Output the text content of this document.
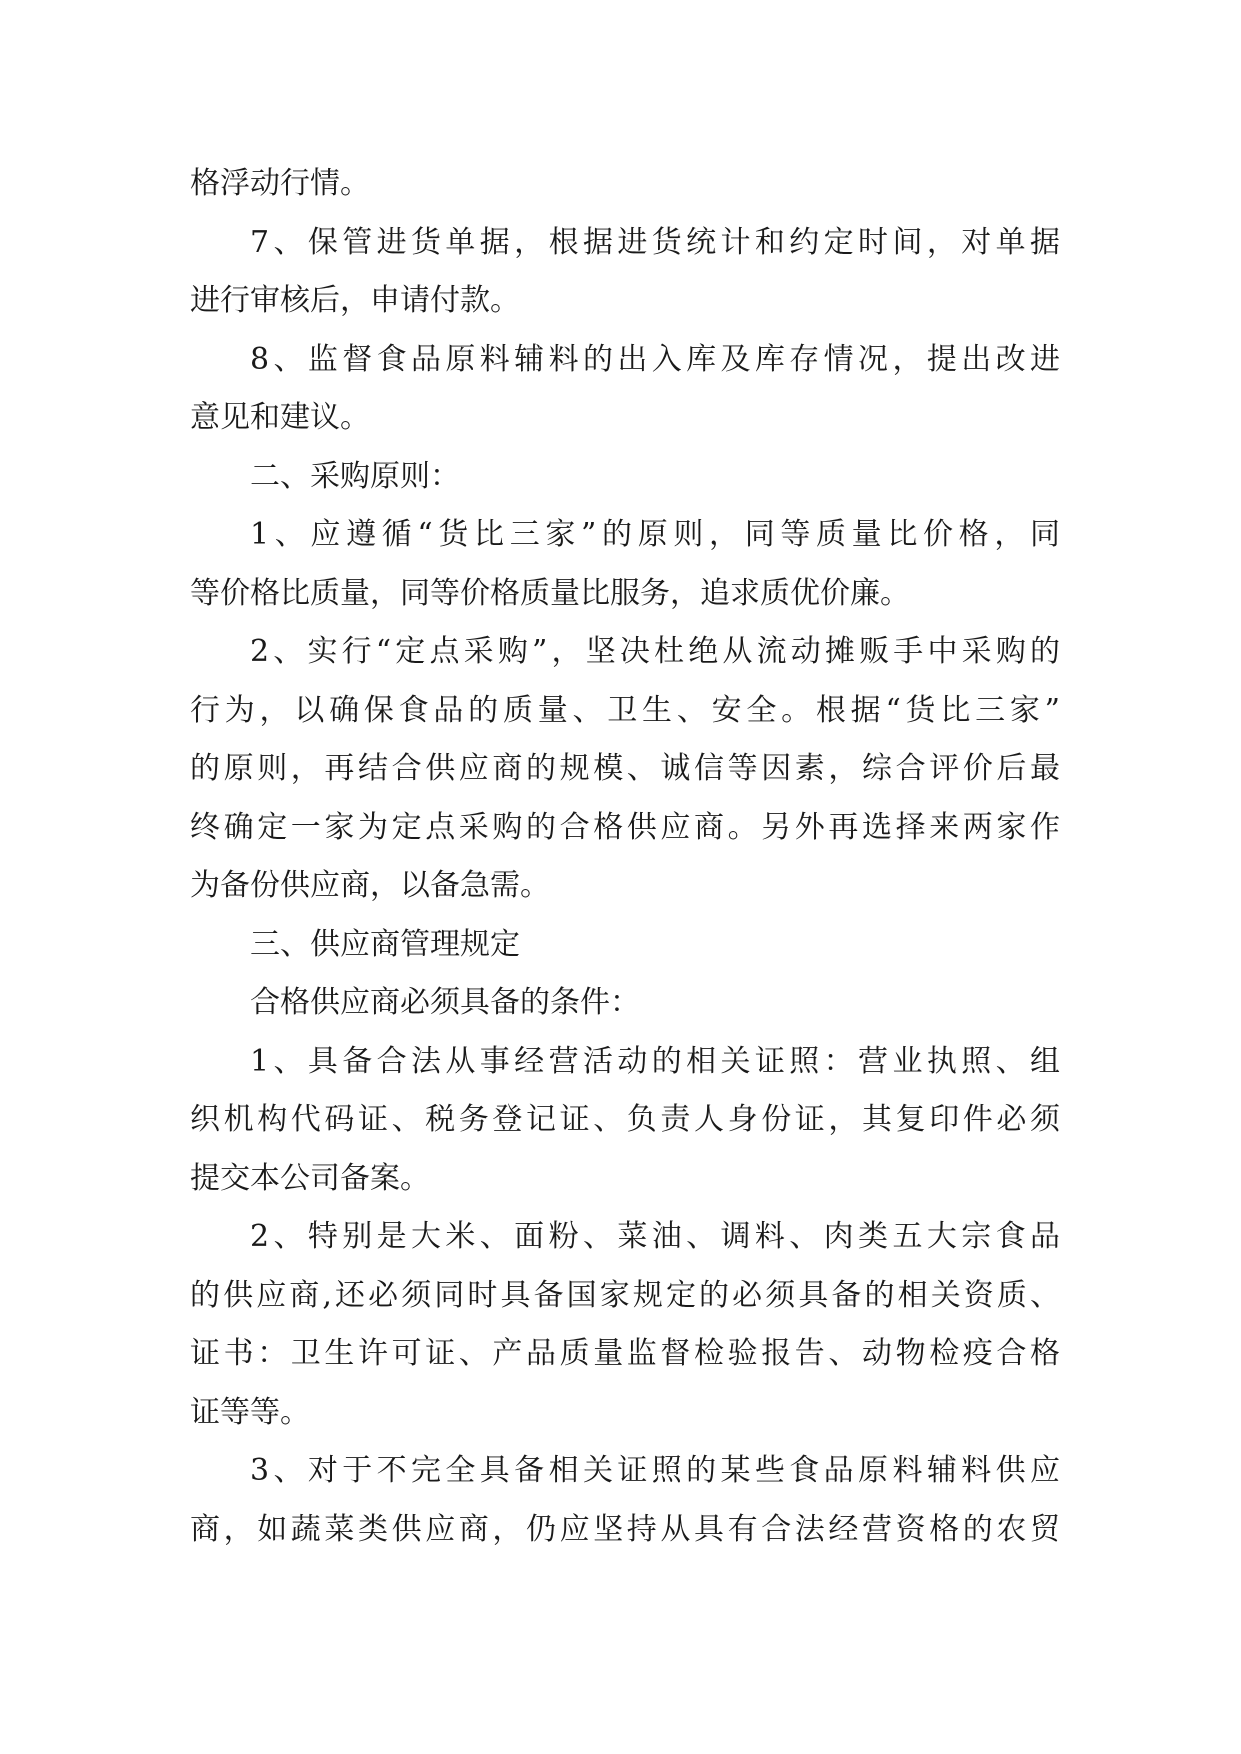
格浮动行情。
7、保管进货单据，根据进货统计和约定时间，对单据
进行审核后，申请付款。
8、监督食品原料辅料的出入库及库存情况，提出改进
意见和建议。
二、采购原则：
1、应遵循“货比三家”的原则，同等质量比价格，同
等价格比质量，同等价格质量比服务，追求质优价廉。
2、实行“定点采购”，坚决杜绝从流动摊贩手中采购的
行为，以确保食品的质量、卫生、安全。根据“货比三家”
的原则，再结合供应商的规模、诚信等因素，综合评价后最
终确定一家为定点采购的合格供应商。另外再选择来两家作
为备份供应商，以备急需。
三、供应商管理规定
合格供应商必须具备的条件：
1、具备合法从事经营活动的相关证照：营业执照、组
织机构代码证、税务登记证、负责人身份证，其复印件必须
提交本公司备案。
2、特别是大米、面粉、菜油、调料、肉类五大宗食品
的供应商,还必须同时具备国家规定的必须具备的相关资质、
证书：卫生许可证、产品质量监督检验报告、动物检疫合格
证等等。
3、对于不完全具备相关证照的某些食品原料辅料供应
商，如蔬菜类供应商，仍应坚持从具有合法经营资格的农贸
